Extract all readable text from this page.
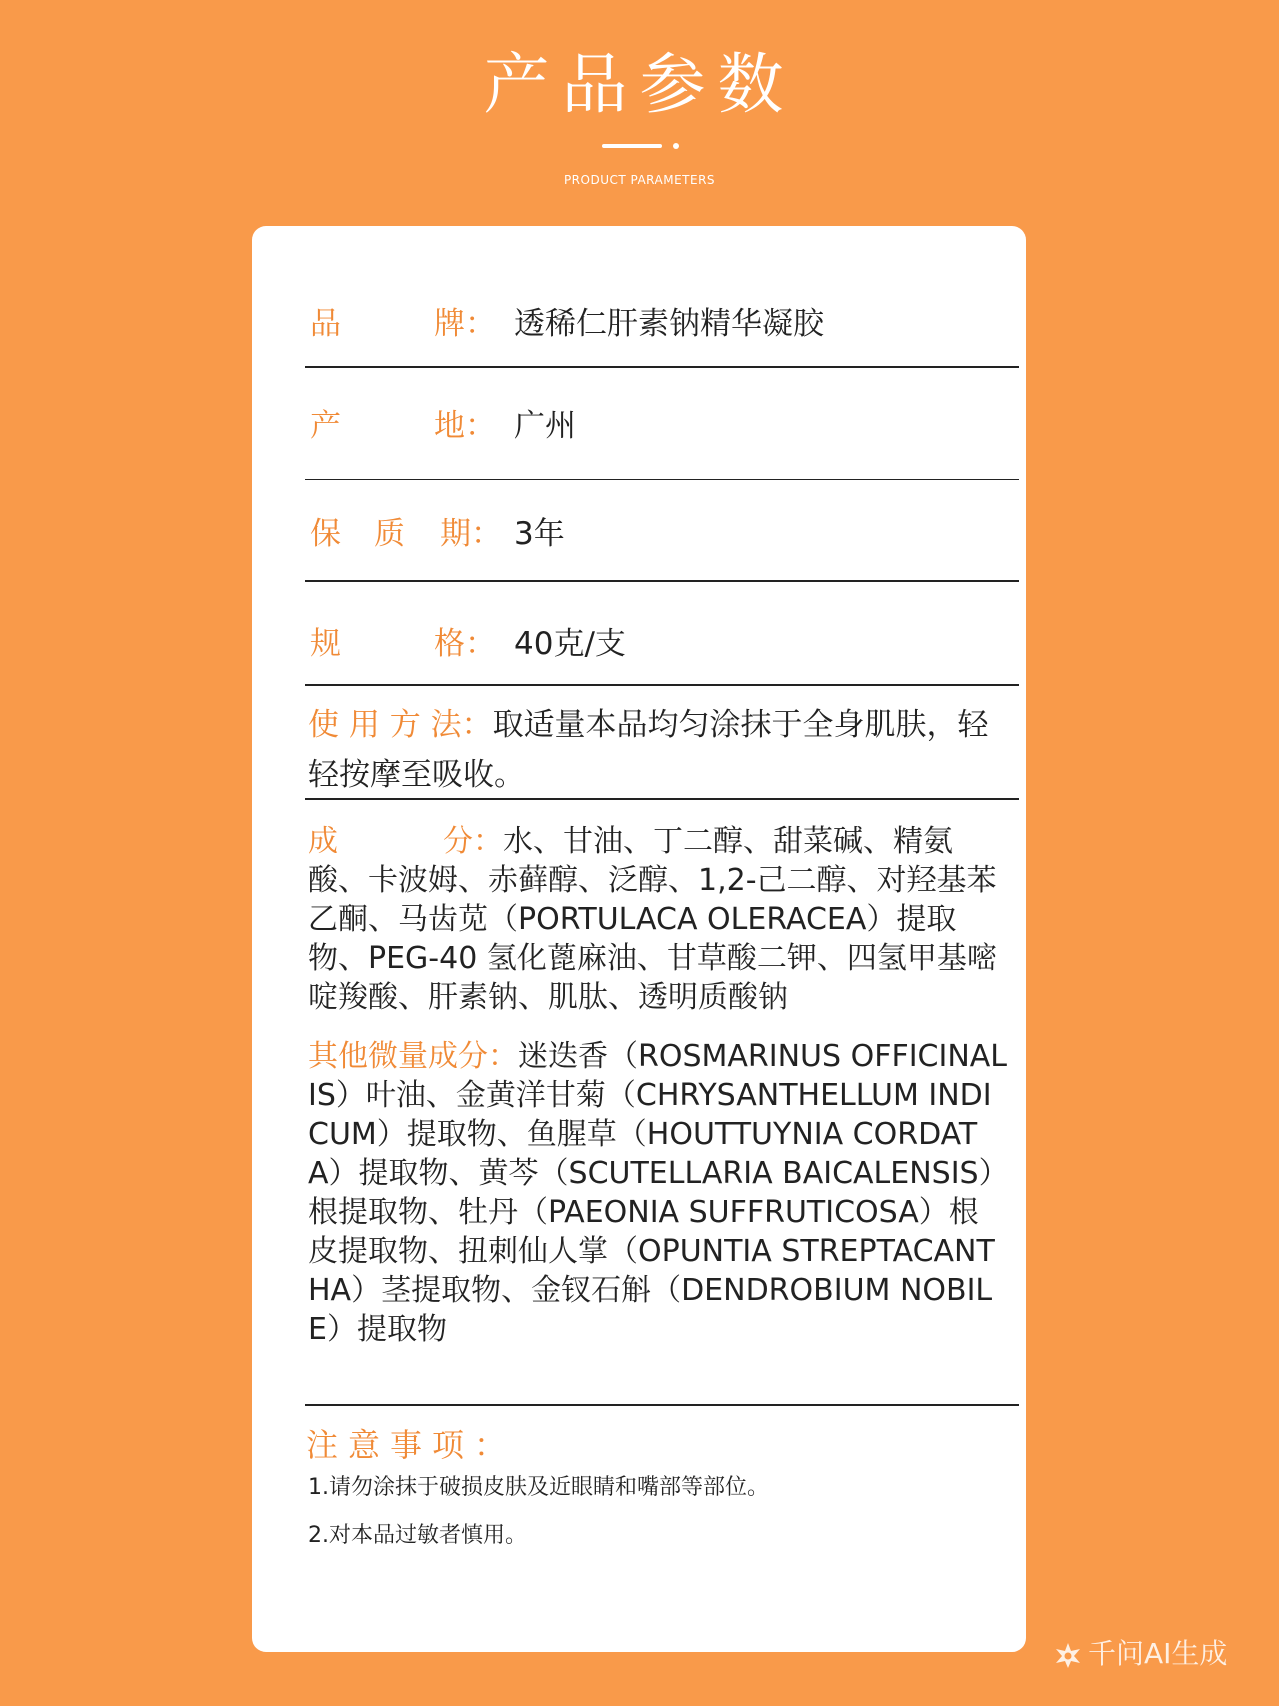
产品参数
PRODUCT PARAMETERS
品	牌： 透稀仁肝素钠精华凝胶
产	地： 广州
保 质 期： 3年
规	格： 40克/支
使 用 方 法：取适量本品均匀涂抹于全身肌肤，轻轻按摩至吸收。
成	分：水、甘油、丁二醇、甜菜碱、精氨酸、卡波姆、赤藓醇、泛醇、1,2-己二醇、对羟基苯乙酮、马齿苋（PORTULACA OLERACEA）提取物、PEG-40 氢化蓖麻油、甘草酸二钾、四氢甲基嘧啶羧酸、肝素钠、肌肽、透明质酸钠
其他微量成分：迷迭香（ROSMARINUS OFFICINALIS）叶油、金黄洋甘菊（CHRYSANTHELLUM INDICUM）提取物、鱼腥草（HOUTTUYNIA CORDATA）提取物、黄芩（SCUTELLARIA BAICALENSIS）根提取物、牡丹（PAEONIA SUFFRUTICOSA）根皮提取物、扭刺仙人掌（OPUNTIA STREPTACANTHA）茎提取物、金钗石斛（DENDROBIUM NOBILE）提取物
注意事项：
1.请勿涂抹于破损皮肤及近眼睛和嘴部等部位。
2.对本品过敏者慎用。
千问AI生成
